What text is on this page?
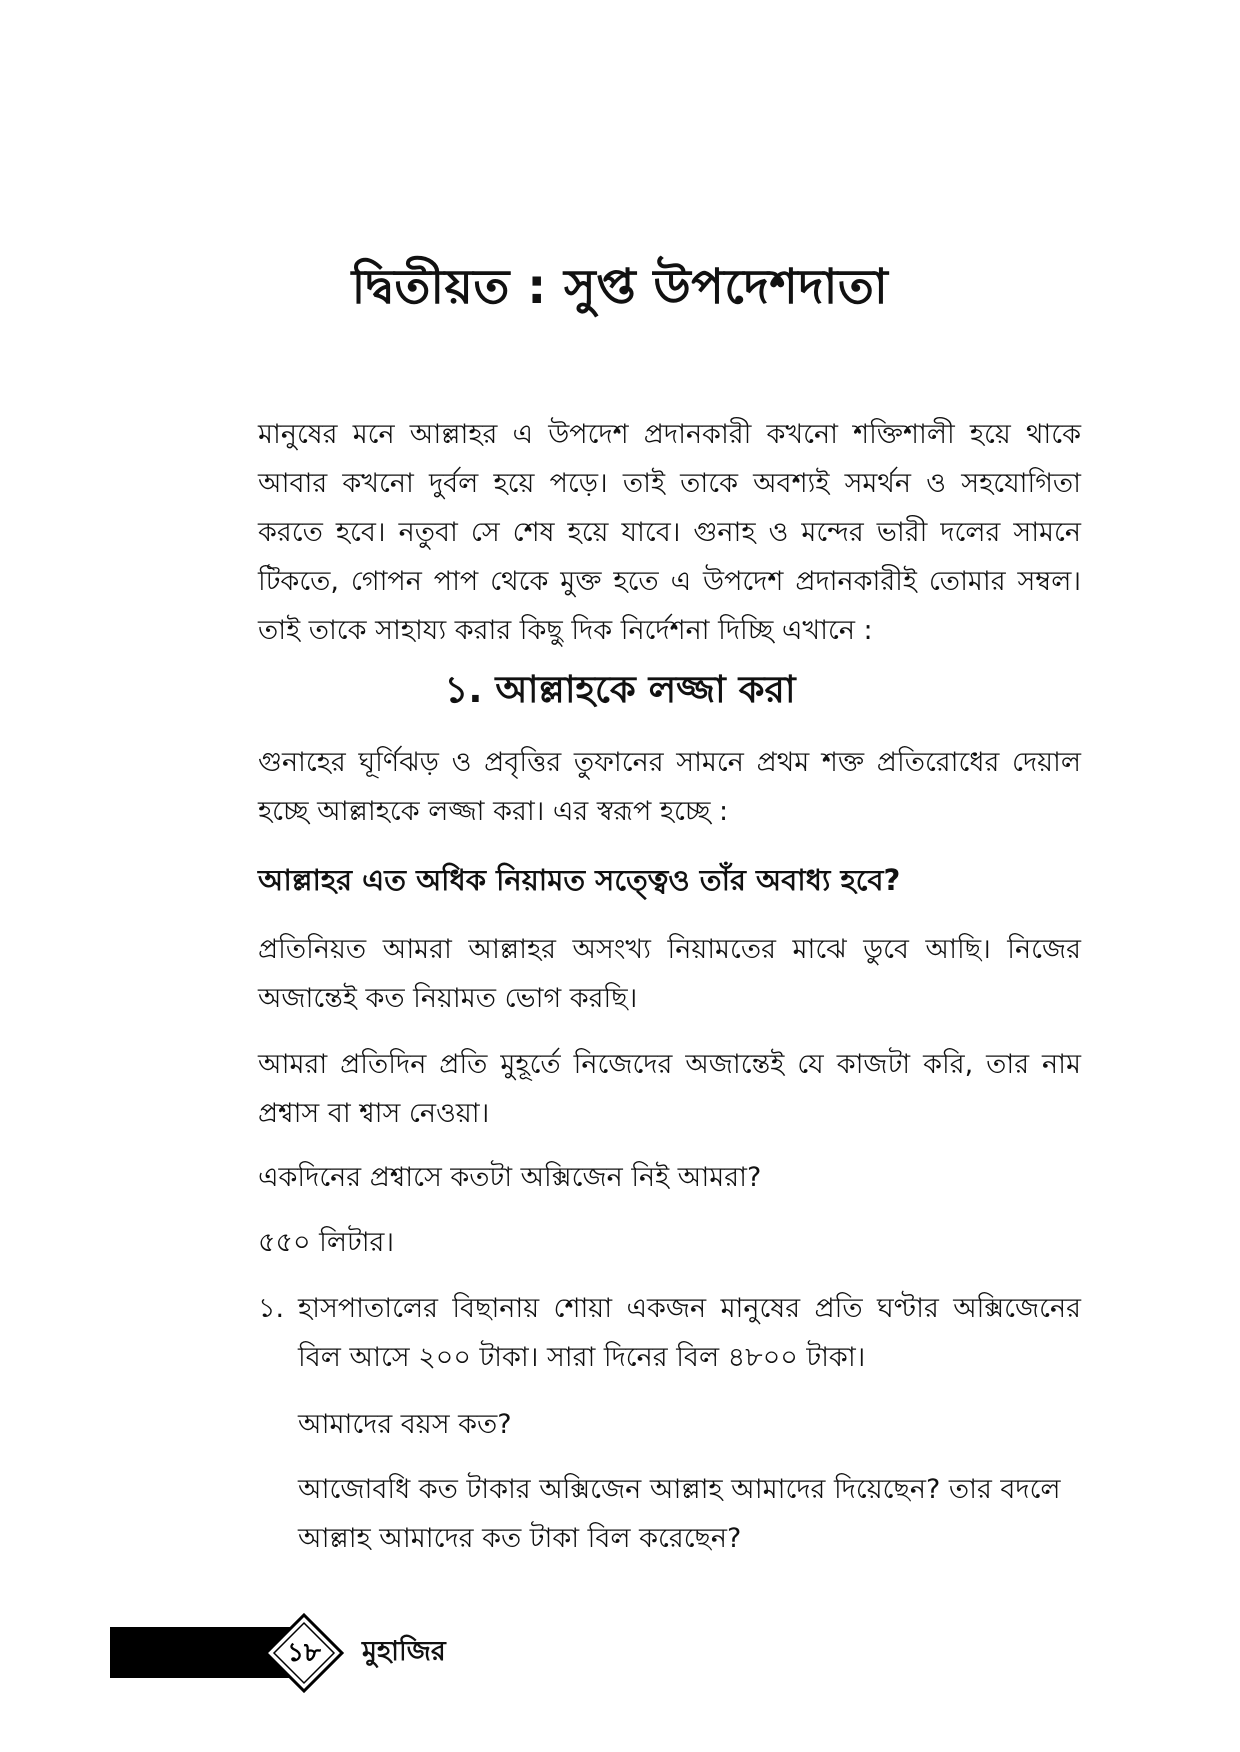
দ্বিতীয়ত : সুপ্ত উপদেশদাতা

মানুষের মনে আল্লাহর এ উপদেশ প্রদানকারী কখনো শক্তিশালী হয়ে থাকে আবার কখনো দুর্বল হয়ে পড়ে। তাই তাকে অবশ্যই সমর্থন ও সহযোগিতা করতে হবে। নতুবা সে শেষ হয়ে যাবে। গুনাহ ও মন্দের ভারী দলের সামনে টিকতে, গোপন পাপ থেকে মুক্ত হতে এ উপদেশ প্রদানকারীই তোমার সম্বল। তাই তাকে সাহায্য করার কিছু দিক নির্দেশনা দিচ্ছি এখানে :

১. আল্লাহকে লজ্জা করা

গুনাহের ঘূর্ণিঝড় ও প্রবৃত্তির তুফানের সামনে প্রথম শক্ত প্রতিরোধের দেয়াল হচ্ছে আল্লাহকে লজ্জা করা। এর স্বরূপ হচ্ছে :

আল্লাহর এত অধিক নিয়ামত সত্ত্বেও তাঁর অবাধ্য হবে?

প্রতিনিয়ত আমরা আল্লাহর অসংখ্য নিয়ামতের মাঝে ডুবে আছি। নিজের অজান্তেই কত নিয়ামত ভোগ করছি।

আমরা প্রতিদিন প্রতি মুহূর্তে নিজেদের অজান্তেই যে কাজটা করি, তার নাম প্রশ্বাস বা শ্বাস নেওয়া।

একদিনের প্রশ্বাসে কতটা অক্সিজেন নিই আমরা?

৫৫০ লিটার।

১. হাসপাতালের বিছানায় শোয়া একজন মানুষের প্রতি ঘণ্টার অক্সিজেনের বিল আসে ২০০ টাকা। সারা দিনের বিল ৪৮০০ টাকা।

আমাদের বয়স কত?

আজোবধি কত টাকার অক্সিজেন আল্লাহ আমাদের দিয়েছেন? তার বদলে আল্লাহ আমাদের কত টাকা বিল করেছেন?

১৮	মুহাজির
